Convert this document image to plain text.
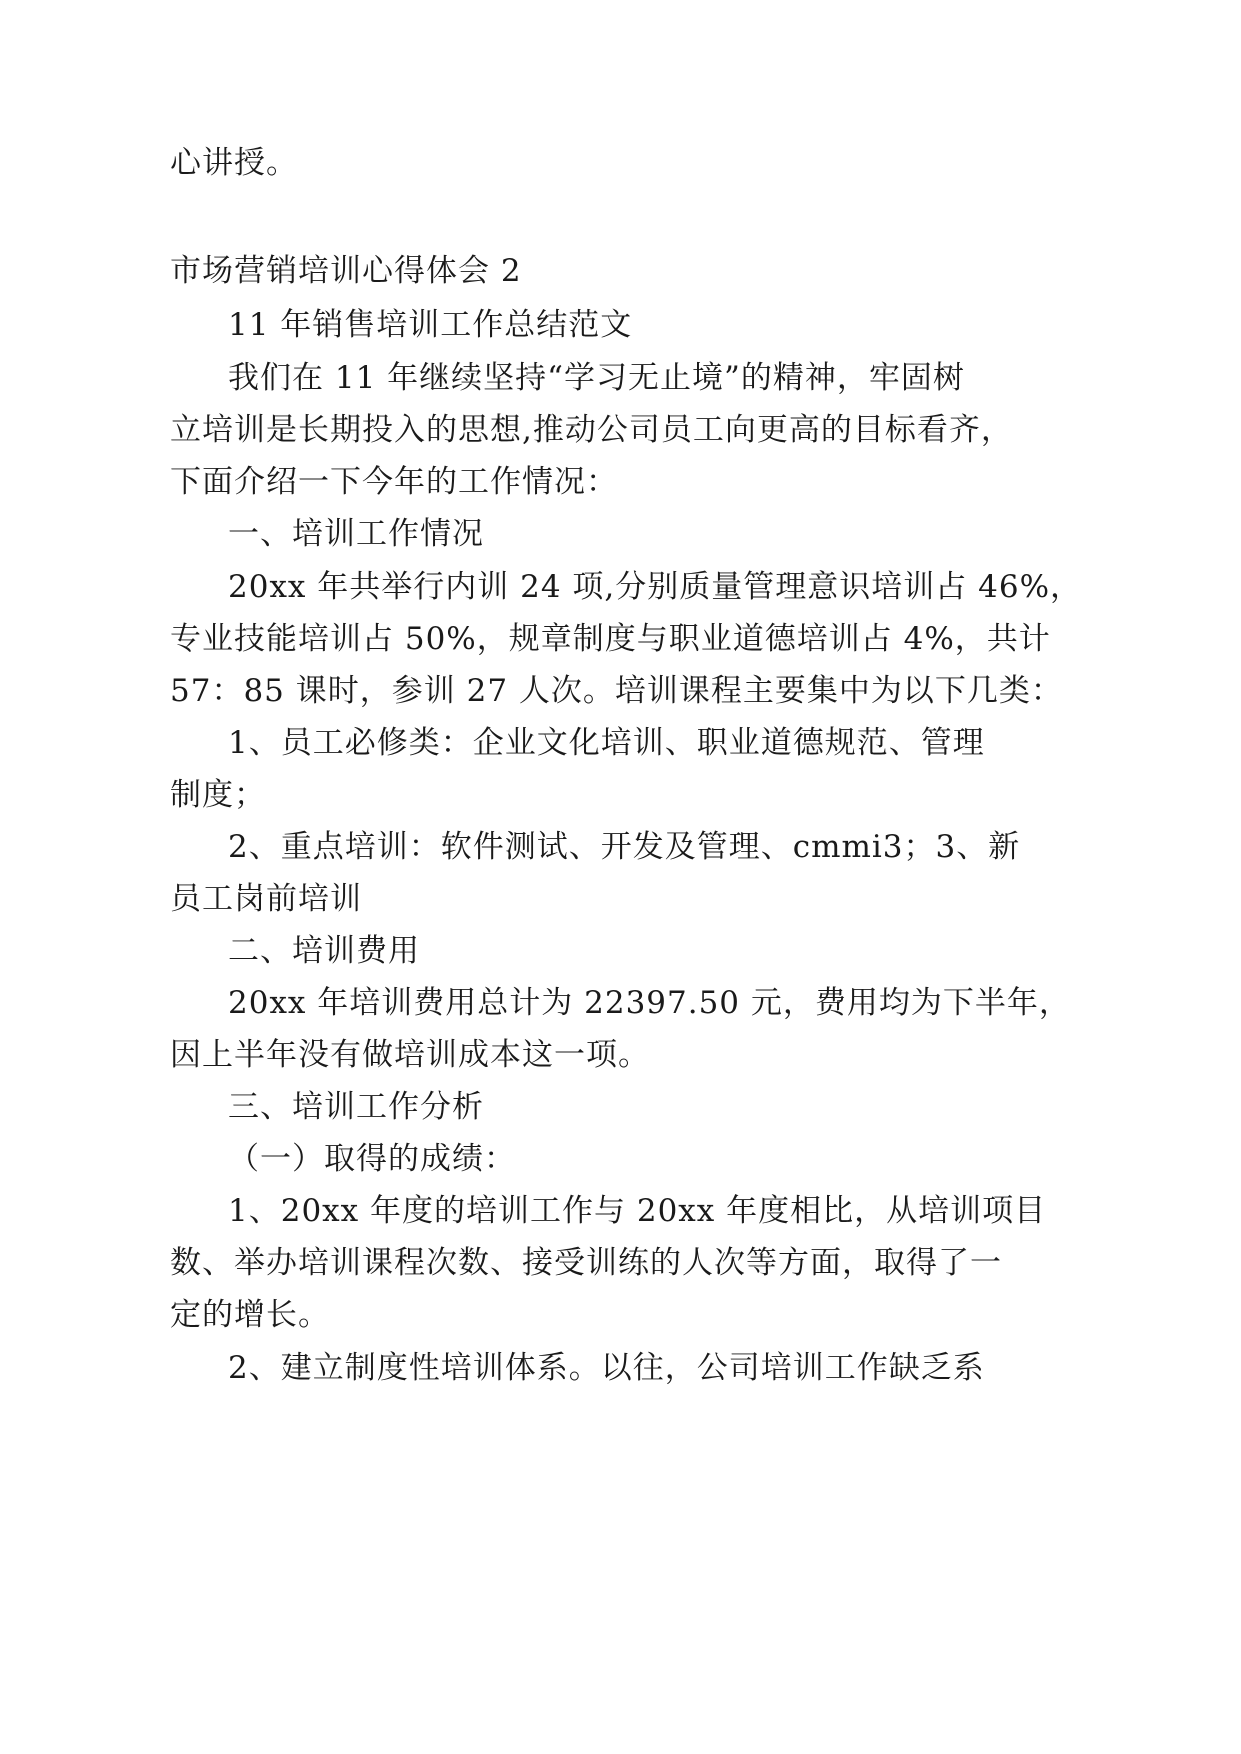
心讲授。
市场营销培训心得体会 2
11 年销售培训工作总结范文
我们在 11 年继续坚持“学习无止境”的精神，牢固树
立培训是长期投入的思想,推动公司员工向更高的目标看齐，
下面介绍一下今年的工作情况：
一、培训工作情况
20xx 年共举行内训 24 项,分别质量管理意识培训占 46%，
专业技能培训占 50%，规章制度与职业道德培训占 4%，共计
57：85 课时，参训 27 人次。培训课程主要集中为以下几类：
1、员工必修类：企业文化培训、职业道德规范、管理
制度；
2、重点培训：软件测试、开发及管理、cmmi3；3、新
员工岗前培训
二、培训费用
20xx 年培训费用总计为 22397.50 元，费用均为下半年，
因上半年没有做培训成本这一项。
三、培训工作分析
（一）取得的成绩：
1、20xx 年度的培训工作与 20xx 年度相比，从培训项目
数、举办培训课程次数、接受训练的人次等方面，取得了一
定的增长。
2、建立制度性培训体系。以往，公司培训工作缺乏系
